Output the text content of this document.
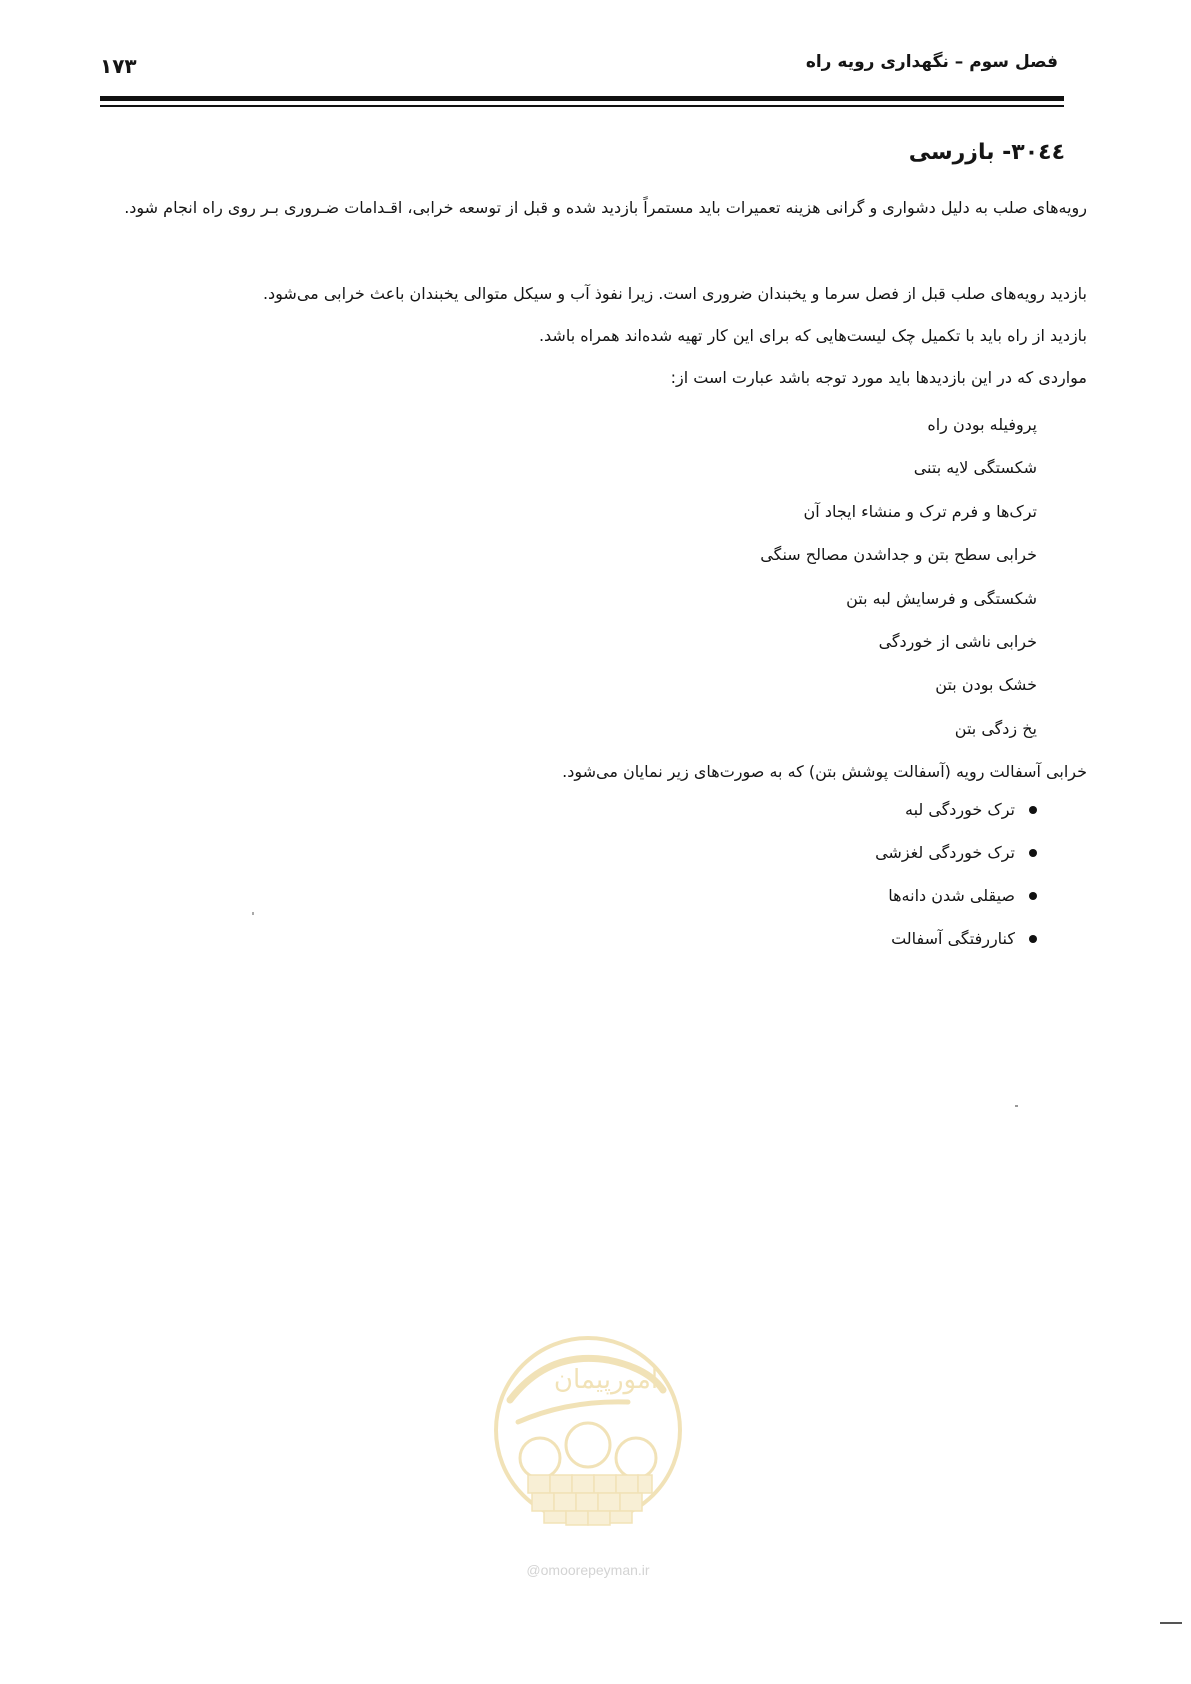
۱۷۳	فصل سوم – نگهداری رویه راه
۳۰٤٤- بازرسی
رویه‌های صلب به دلیل دشواری و گرانی هزینه تعمیرات باید مستمراً بازدید شده و قبل از توسعه خرابی، اقـدامات ضـروری بـر روی راه انجام شود.
بازدید رویه‌های صلب قبل از فصل سرما و یخبندان ضروری است. زیرا نفوذ آب و سیکل متوالی یخبندان باعث خرابی می‌شود.
بازدید از راه باید با تکمیل چک لیست‌هایی که برای این کار تهیه شده‌اند همراه باشد.
مواردی که در این بازدیدها باید مورد توجه باشد عبارت است از:
پروفیله بودن راه
شکستگی لایه بتنی
ترک‌ها و فرم ترک و منشاء ایجاد آن
خرابی سطح بتن و جداشدن مصالح سنگی
شکستگی و فرسایش لبه بتن
خرابی ناشی از خوردگی
خشک بودن بتن
یخ زدگی بتن
خرابی آسفالت رویه (آسفالت پوشش بتن) که به صورت‌های زیر نمایان می‌شود.
ترک خوردگی لبه
ترک خوردگی لغزشی
صیقلی شدن دانه‌ها
کناررفتگی آسفالت
امورپیمان
@omoorepeyman.ir
